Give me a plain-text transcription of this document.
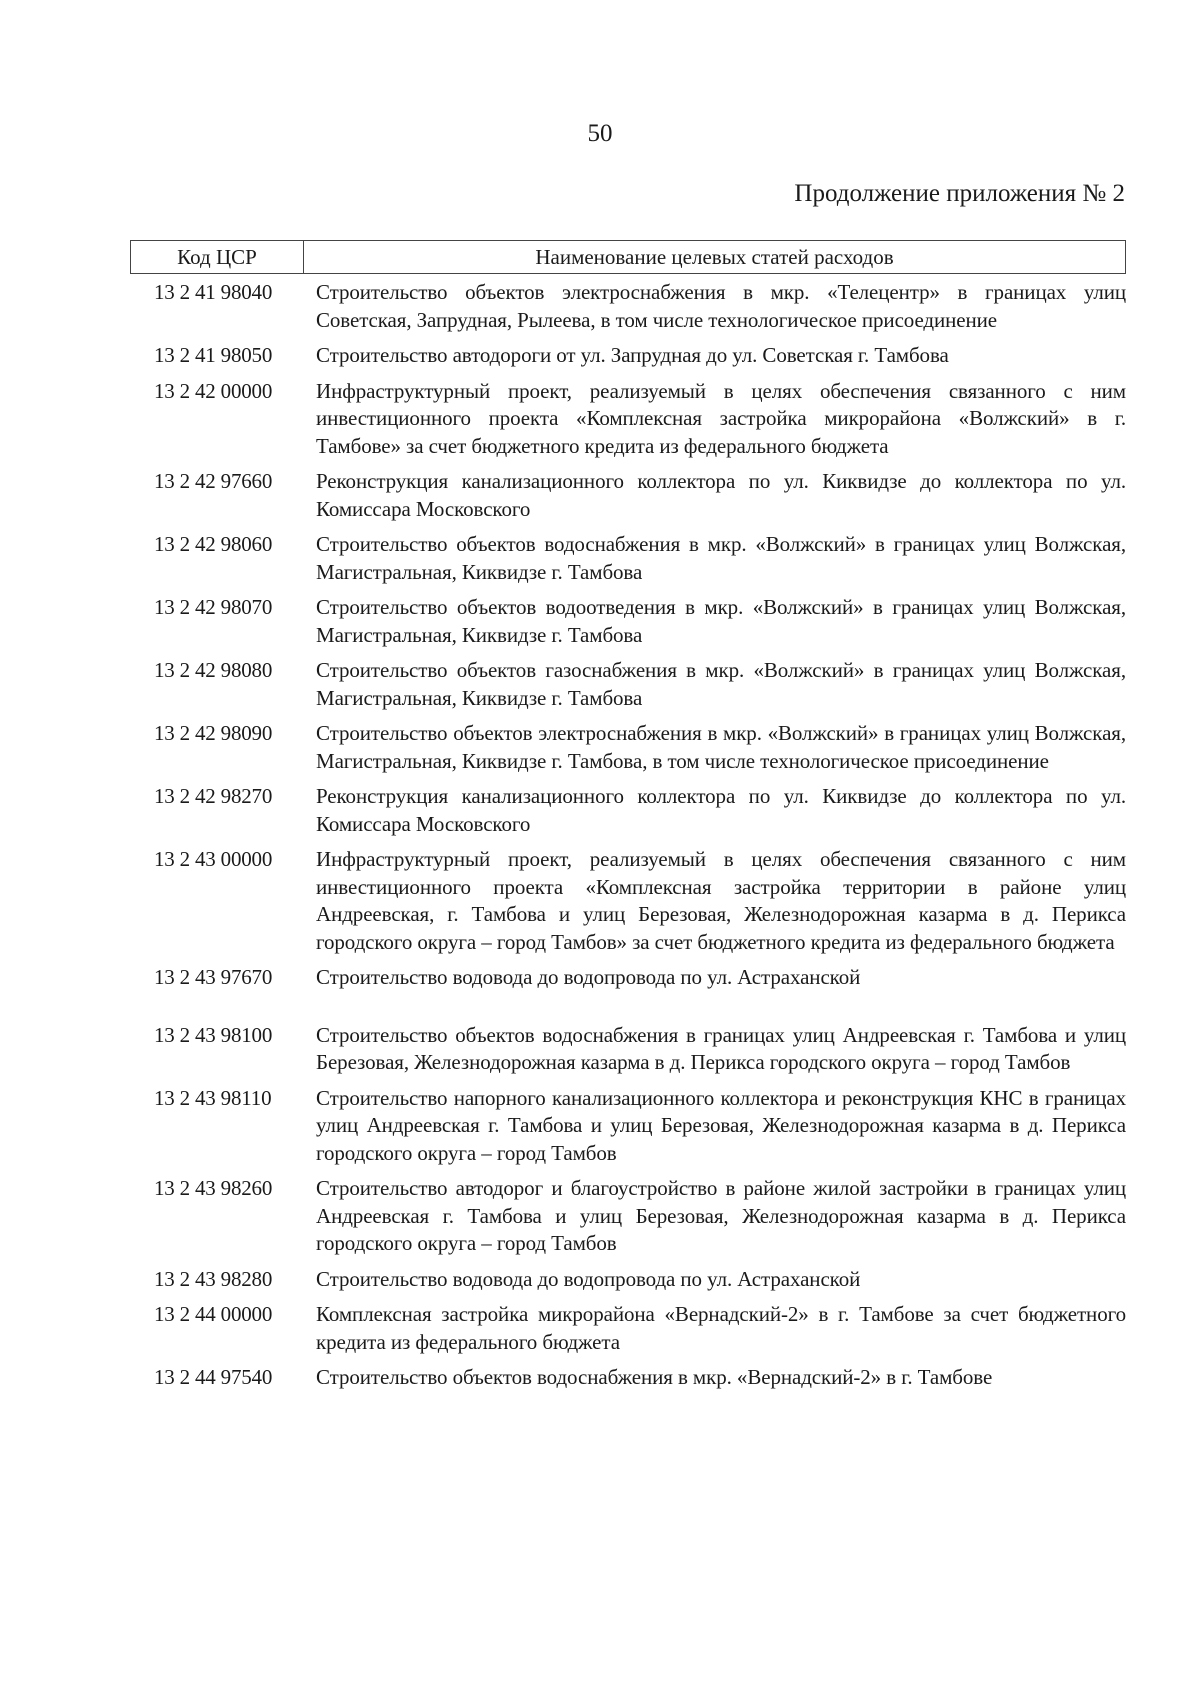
50
Продолжение приложения № 2
Код ЦСР	Наименование целевых статей расходов
13 2 41 98040	Строительство объектов электроснабжения в мкр. «Телецентр» в границах улиц Советская, Запрудная, Рылеева, в том числе технологическое присоединение
13 2 41 98050	Строительство автодороги от ул. Запрудная до ул. Советская г. Тамбова
13 2 42 00000	Инфраструктурный проект, реализуемый в целях обеспечения связанного с ним инвестиционного проекта «Комплексная застройка микрорайона «Волжский» в г. Тамбове» за счет бюджетного кредита из федерального бюджета
13 2 42 97660	Реконструкция канализационного коллектора по ул. Киквидзе до коллектора по ул. Комиссара Московского
13 2 42 98060	Строительство объектов водоснабжения в мкр. «Волжский» в границах улиц Волжская, Магистральная, Киквидзе г. Тамбова
13 2 42 98070	Строительство объектов водоотведения в мкр. «Волжский» в границах улиц Волжская, Магистральная, Киквидзе г. Тамбова
13 2 42 98080	Строительство объектов газоснабжения в мкр. «Волжский» в границах улиц Волжская, Магистральная, Киквидзе г. Тамбова
13 2 42 98090	Строительство объектов электроснабжения в мкр. «Волжский» в границах улиц Волжская, Магистральная, Киквидзе г. Тамбова, в том числе технологическое присоединение
13 2 42 98270	Реконструкция канализационного коллектора по ул. Киквидзе до коллектора по ул. Комиссара Московского
13 2 43 00000	Инфраструктурный проект, реализуемый в целях обеспечения связанного с ним инвестиционного проекта «Комплексная застройка территории в районе улиц Андреевская, г. Тамбова и улиц Березовая, Железнодорожная казарма в д. Перикса городского округа – город Тамбов» за счет бюджетного кредита из федерального бюджета
13 2 43 97670	Строительство водовода до водопровода по ул. Астраханской
13 2 43 98100	Строительство объектов водоснабжения в границах улиц Андреевская г. Тамбова и улиц Березовая, Железнодорожная казарма в д. Перикса городского округа – город Тамбов
13 2 43 98110	Строительство напорного канализационного коллектора и реконструкция КНС в границах улиц Андреевская г. Тамбова и улиц Березовая, Железнодорожная казарма в д. Перикса городского округа – город Тамбов
13 2 43 98260	Строительство автодорог и благоустройство в районе жилой застройки в границах улиц Андреевская г. Тамбова и улиц Березовая, Железнодорожная казарма в д. Перикса городского округа – город Тамбов
13 2 43 98280	Строительство водовода до водопровода по ул. Астраханской
13 2 44 00000	Комплексная застройка микрорайона «Вернадский-2» в г. Тамбове за счет бюджетного кредита из федерального бюджета
13 2 44 97540	Строительство объектов водоснабжения в мкр. «Вернадский-2» в г. Тамбове
